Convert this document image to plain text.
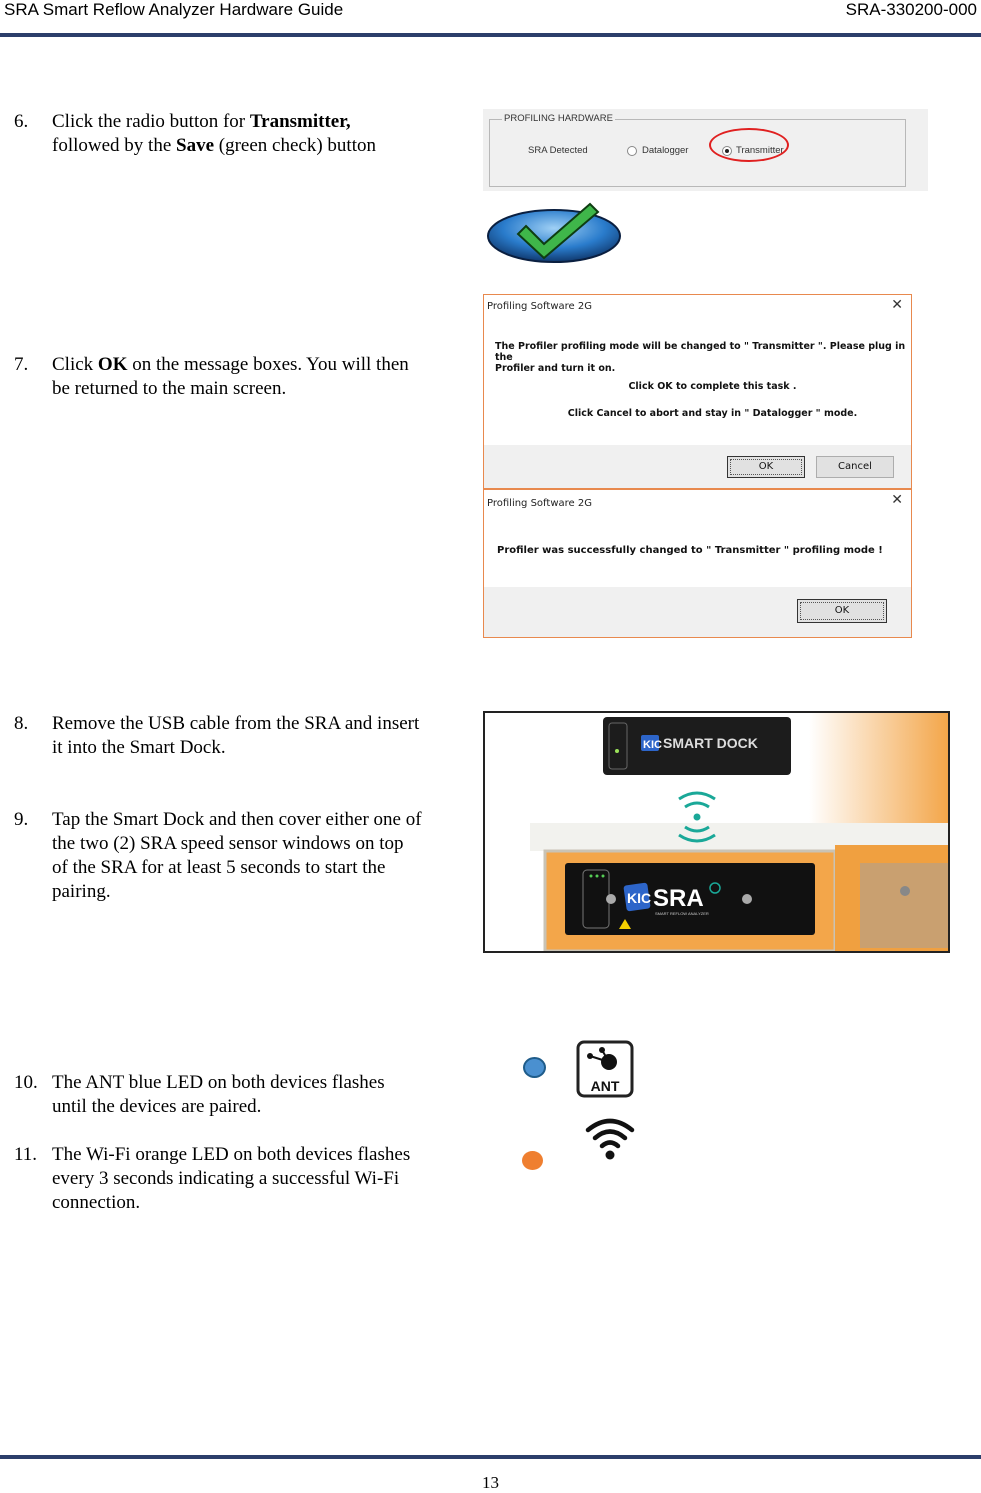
SRA Smart Reflow Analyzer Hardware Guide	SRA-330200-000
6. Click the radio button for Transmitter,
followed by the Save (green check) button
7. Click OK on the message boxes. You will then
be returned to the main screen.
8. Remove the USB cable from the SRA and insert
it into the Smart Dock.
9. Tap the Smart Dock and then cover either one of
the two (2) SRA speed sensor windows on top
of the SRA for at least 5 seconds to start the
pairing.
10. The ANT blue LED on both devices flashes
until the devices are paired.
11. The Wi-Fi orange LED on both devices flashes
every 3 seconds indicating a successful Wi-Fi
connection.
PROFILING HARDWARE
SRA Detected	Datalogger	Transmitter
Profiling Software 2G	✕
The Profiler profiling mode will be changed to " Transmitter ". Please plug in the
Profiler and turn it on.
Click OK to complete this task .
Click Cancel to abort and stay in " Datalogger " mode.
OK	Cancel
Profiling Software 2G	✕
Profiler was successfully changed to " Transmitter " profiling mode !
OK
KIC SMART DOCK
KIC SRA
SMART REFLOW ANALYZER
ANT
13
